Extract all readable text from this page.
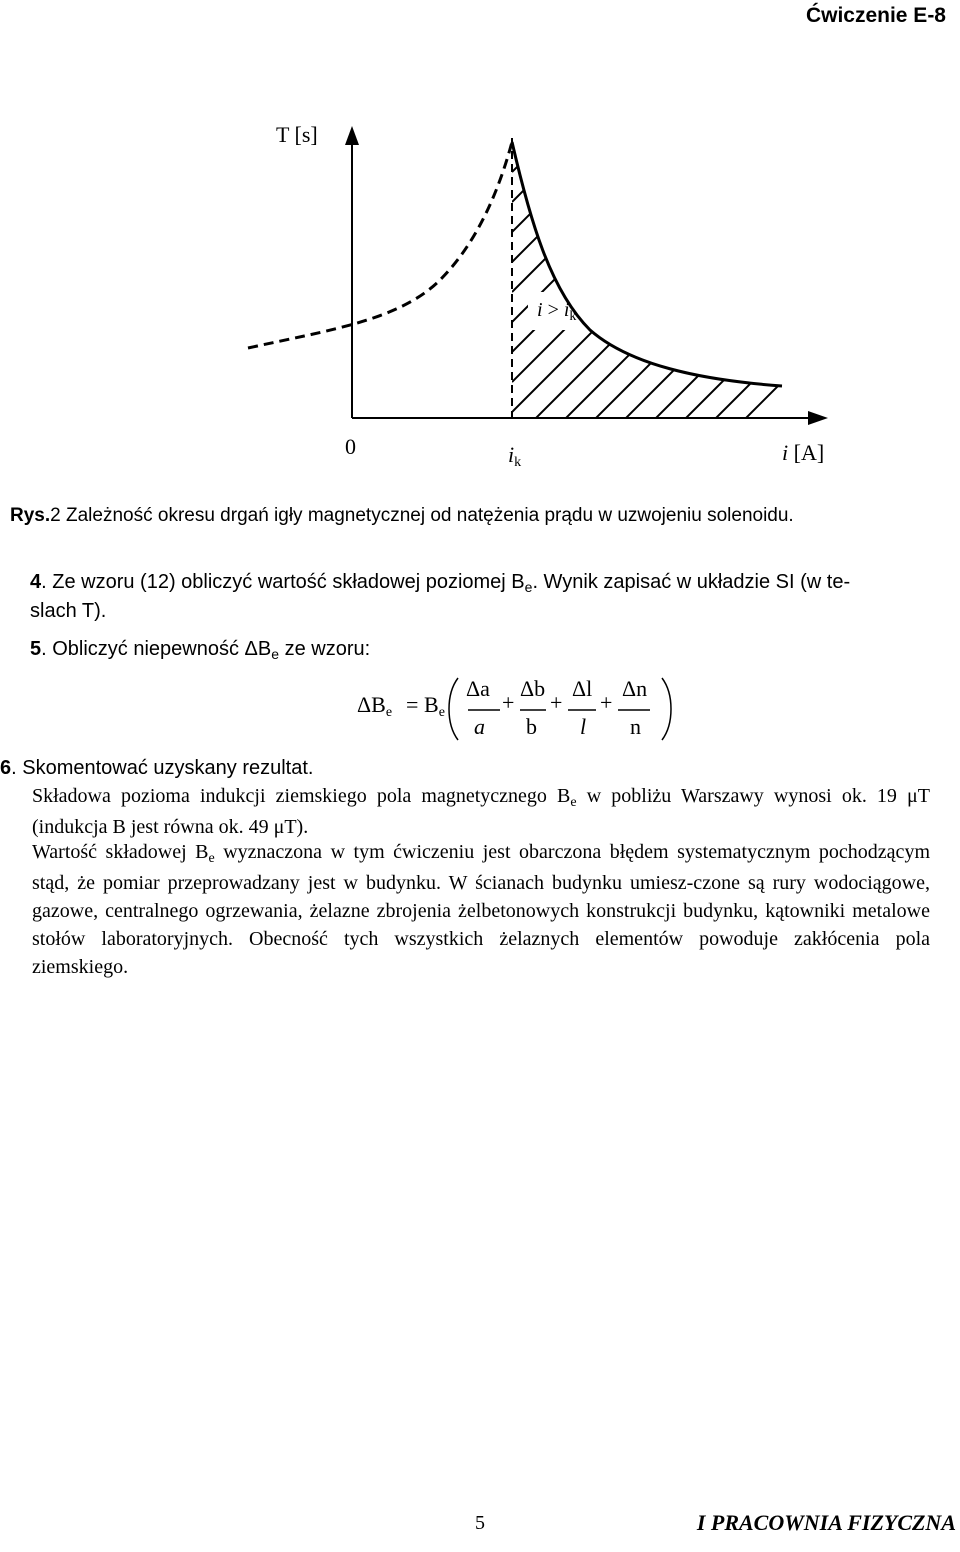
Ćwiczenie E-8
T [s]
0	ik	i [A]
$i > i_k$
Rys.2 Zależność okresu drgań igły magnetycznej od natężenia prądu w uzwojeniu solenoidu.
4. Ze wzoru (12) obliczyć wartość składowej poziomej $B_e$. Wynik zapisać w układzie SI (w te-
slach T).
5. Obliczyć niepewność $\Delta B_e$ ze wzoru:
ΔBe = Be
Δa
a
+
Δb
b
+
Δl
l
+
Δn
n
6. Skomentować uzyskany rezultat.
Składowa pozioma indukcji ziemskiego pola magnetycznego $B_e$ w pobliżu Warszawy wynosi ok. 19 μT (indukcja B jest równa ok. 49 μT).
Wartość składowej $B_e$ wyznaczona w tym ćwiczeniu jest obarczona błędem systematycznym pochodzącym stąd, że pomiar przeprowadzany jest w budynku. W ścianach budynku umiesz-czone są rury wodociągowe, gazowe, centralnego ogrzewania, żelazne zbrojenia żelbetonowych konstrukcji budynku, kątowniki metalowe stołów laboratoryjnych. Obecność tych wszystkich żelaznych elementów powoduje zakłócenia pola ziemskiego.
5	I PRACOWNIA FIZYCZNA
